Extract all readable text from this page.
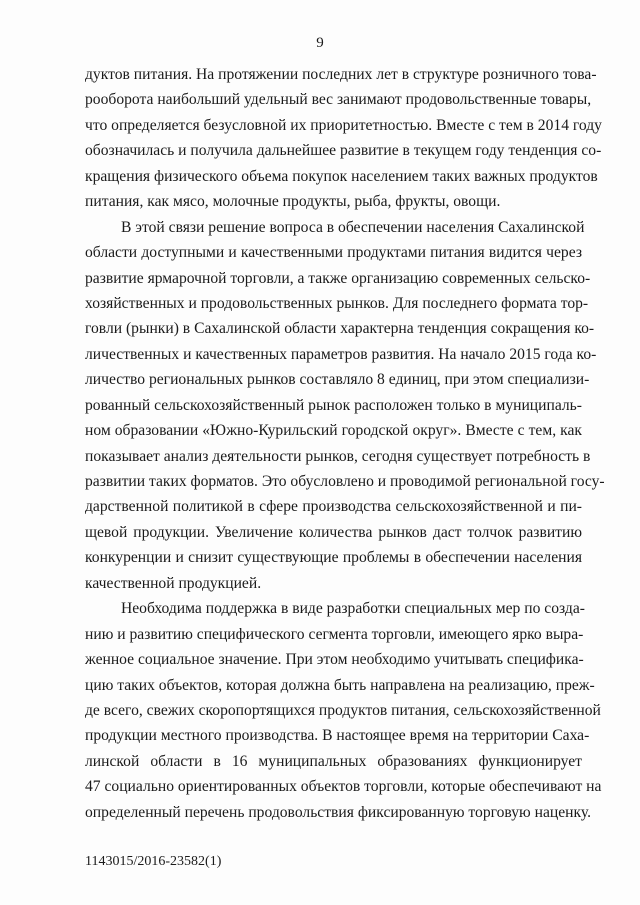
9
дуктов питания. На протяжении последних лет в структуре розничного това-
рооборота наибольший удельный вес занимают продовольственные товары,
что определяется безусловной их приоритетностью. Вместе с тем в 2014 году
обозначилась и получила дальнейшее развитие в текущем году тенденция со-
кращения физического объема покупок населением таких важных продуктов
питания, как мясо, молочные продукты, рыба, фрукты, овощи.
В этой связи решение вопроса в обеспечении населения Сахалинской
области доступными и качественными продуктами питания видится через
развитие ярмарочной торговли, а также организацию современных сельско-
хозяйственных и продовольственных рынков. Для последнего формата тор-
говли (рынки) в Сахалинской области характерна тенденция сокращения ко-
личественных и качественных параметров развития. На начало 2015 года ко-
личество региональных рынков составляло 8 единиц, при этом специализи-
рованный сельскохозяйственный рынок расположен только в муниципаль-
ном образовании «Южно-Курильский городской округ». Вместе с тем, как
показывает анализ деятельности рынков, сегодня существует потребность в
развитии таких форматов. Это обусловлено и проводимой региональной госу-
дарственной политикой в сфере производства сельскохозяйственной и пи-
щевой продукции. Увеличение количества рынков даст толчок развитию
конкуренции и снизит существующие проблемы в обеспечении населения
качественной продукцией.
Необходима поддержка в виде разработки специальных мер по созда-
нию и развитию специфического сегмента торговли, имеющего ярко выра-
женное социальное значение. При этом необходимо учитывать специфика-
цию таких объектов, которая должна быть направлена на реализацию, преж-
де всего, свежих скоропортящихся продуктов питания, сельскохозяйственной
продукции местного производства. В настоящее время на территории Саха-
линской области в 16 муниципальных образованиях функционирует
47 социально ориентированных объектов торговли, которые обеспечивают на
определенный перечень продовольствия фиксированную торговую наценку.
1143015/2016-23582(1)
